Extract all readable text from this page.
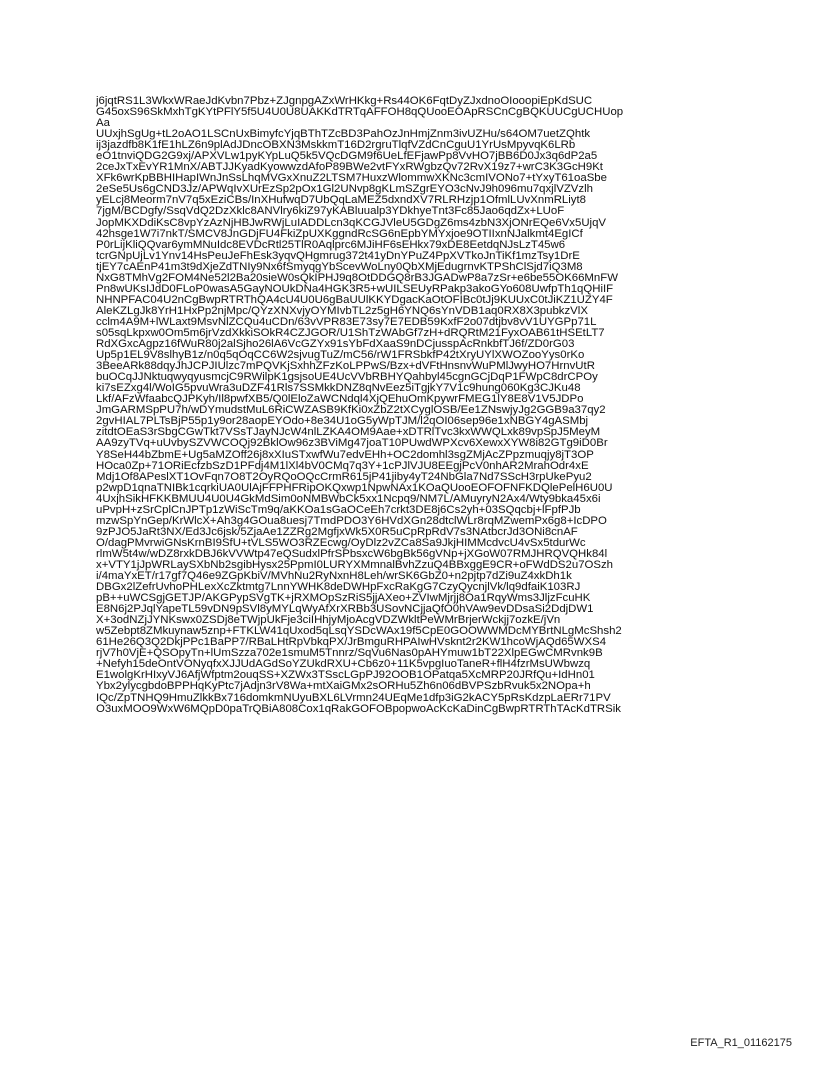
j6jqtRS1L3WkxWRaeJdKvbn7Pbz+ZJgnpgAZxWrHKkg+Rs44OK6FqtDyZJxdnoOIooopiEpKdSUC
G45oxS96SkMxhTgKYtPFlY5f5U4U0U8UAKKdTRTqAFFOH8qQUooEOApRSCnCgBQKUUCgUCHUop
Aa
UUxjhSgUg+tL2oAO1LSCnUxBimyfcYjqBThTZcBD3PahOzJnHmjZnm3ivUZHu/s64OM7uetZQhtk
ij3jazdfb8K1fE1hLZ6n9plAdJDncOBXN3MskkmT16D2rgruTlqfVZdCnCguU1YrUsMpyvqK6LRb
eO1tnviQDG2G9xj/APXVLw1pyKYpLuQ5k5VQcDGM9f6UeLfEFjawPp8VvHO7jBB6D0Jx3q6dP2a5
2ceJxTxEvYR1MnX/ABTJJKyadKyowwzdAfoP89BWe2vtFYxRWgbzQv72RvX19z7+wrC3K3GcH9Kt
XFk6wrKpBBHIHapIWnJnSsLhqMVGxXnuZ2LTSM7HuxzWlommwXKNc3cmIVONo7+tYxyT61oaSbe
2eSe5Us6gCND3Jz/APWqIvXUrEzSp2pOx1Gl2UNvp8gKLmSZgrEYO3cNvJ9h096mu7qxjlVZVzlh
yELcj8Meorm7nV7q5xEziCBs/InXHufwqD7UbQqLaMEZ5dxndXV7RLRHzjp1OfmlLUvXnmRLiyt8
7jgM/BCDgfy/SsqVdQ2DzXklc8ANVlry6kiZ97yKABluualp3YDkhyeTnt3Fc85Jao6qdZx+LUoF
JopMKXDdiKsC8vpYzAzNjHBJwRWjLuIADDLcn3qKCGJVleU5GDgZ6ms4zbN3XjONrEQe6Vx5UjqV
42hsge1W7i7nkT/SMCV8JnGDjFU4FkiZpUXKggndRcSG6nEpbYMYxjoe9OTIIxnNJalkmt4EgICf
P0rLijKliQQvar6ymMNuIdc8EVDcRtl25TlR0Aqlprc6MJiHF6sEHkx79xDE8EetdqNJsLzT45w6
tcrGNpUjLv1Ynv14HsPeuJeFhEsk3yqvQHgmrug372t41yDnYPuZ4PpXVTkoJnTiKf1mzTsy1DrE
tjEY7cAEnP41m3t9dXjeZdTNIy9Nx6fSmyqgYbScevWoLny0QbXMjEdugrnvKTPShClSjd7iQ3M8
NxG8TMhVg2FOM4Ne52l2Ba20sieW0sQkIPHJ9q8OtDDGQ8rB3JGADwP8a7zSr+e6be55OK66MnFW
Pn8wUKsIJdD0FLoP0wasA5GayNOUkDNa4HGK3R5+wUILSEUyRPakp3akoGYo608UwfpTh1qQHiIF
NHNPFAC04U2nCgBwpRTRThQA4cU4U0U6gBaUUlKKYDgacKaOtOFIBc0tJj9KUUxC0tJiKZ1UZY4F
AleKZLgJk8YrH1HxPp2njMpc/QYzXNXvjyOYMIvbTL2z5gH6YNQ6sYnVDB1aq0RX8X3pubkzVlX
cclm4A9M+lWLaxt9MsvNlZCQu4uCDn/63vVPR83E73sy7E7EDB59KxfF2o07dtjbv8vV1UYGPp71L
s05sqLkpxw0Om5m6jrVzdXkkiSOkR4CZJGOR/U1ShTzWAbGf7zH+dRQRtM21FyxOAB61tHSEtLT7
RdXGxcAgpz16fWuR80j2alSjho26lA6VcGZYx91sYbFdXaaS9nDCjusspAcRnkbfTJ6f/ZD0rG03
Up5p1EL9V8slhyB1z/n0q5qOqCC6W2sjvugTuZ/mC56/rW1FRSbkfP42tXryUYlXWOZooYys0rKo
3BeeARk88dqyJhJCPJIUlzc7mPQVKjSxhhZFzKoLPPwS/Bzx+dVFtHnsnvWuPMlJwyHO7HrnvUtR
buOCqJJNktuqwyqyusmcjC9RWilpK1gsjsoUE4UcVVbRBHYQahbyl45cgnGCjDqP1FWpC8drCPOy
ki7sEZxg4l/WoIG5pvuWra3uDZF41Rls7SSMkkDNZ8qNvEez5iTgjkY7V1c9hung060Kg3CJKu48
Lkf/AFzWfaabcQJPKyh/Il8pwfXB5/Q0lEloZaWCNdql4XjQEhuOmKpywrFMEG1lY8E8V1V5JDPo
JmGARMSpPU7h/wDYmudstMuL6RiCWZASB9KfKi0xZbZ2tXCyglOSB/Ee1ZNswjyJg2GGB9a37qy2
2gvHIAL7PLTsBjP55p1y9or28aopEYOdo+8e34U1oG5yWpTJM/l2qOI06sep96e1xNBGY4gASMbj
zitdtOEaS3rSbgCGwTkt7VSsTJayNJcW4nlLZKA4OM9Aae+xDTRlTvc3kxWWQLxk89vpSpJ5MeyM
AA9zyTVq+uUvbySZVWCOQj92BklOw96z3BViMg47joaT10PUwdWPXcv6XewxXYW8i82GTg9iD0Br
Y8SeH44bZbmE+Ug5aMZOff26j8xXIuSTxwfWu7edvEHh+OC2domhl3sgZMjAcZPpzmuqjy8jT3OP
HOca0Zp+71ORiEcfzbSzD1PFdj4M1lXl4bV0CMq7q3Y+1cPJlVJU8EEgjPcV0nhAR2MrahOdr4xE
Mdj1Of8APeslXT1OvFqn7O8T2OyRQoOQcCrmR615jP41jiby4yT24NbGla7Nd7SScH3rpUkePyu2
p2wpD1qnaTNIBk1cqrkiUA0UlAjFFPHFRipOKQxwp1NpwNAx1KOaQUooEOFOFNFKDQlePelH6U0U
4UxjhSikHFKKBMUU4U0U4GkMdSim0oNMBWbCk5xx1Ncpq9/NM7L/AMuyryN2Ax4/Wty9bka45x6i
uPvpH+zSrCplCnJPTp1zWiScTm9q/aKKOa1sGaOCeEh7crkt3DE8j6Cs2yh+03SQqcbj+lFpfPJb
mzwSpYnGep/KrWlcX+Ah3g4GOua8uesj7TmdPDO3Y6HVdXGn28dtclWLr8rqMZwemPx6g8+IcDPO
9zPJO5JaRt3NX/Ed3Jc6jsk/5ZjaAe1ZZRg2MgfjxWk5X0R5uCpRpRdV7s3NAtbcrJd3ONi8cnAF
O/dagPMvrwiGNsKrnBI9SfU+tVLS5WO3RZEcwg/OyDlz2vZCa8Sa9JkjHIMMcdvcU4vSx5tdurWc
rlmW5t4w/wDZ8rxkDBJ6kVVWtp47eQSudxlPfrSPbsxcW6bgBk56gVNp+jXGoW07RMJHRQVQHk84l
x+VTY1jJpWRLaySXbNb2sgibHysx25PpmI0LURYXMmnalBvhZzuQ4BBxggE9CR+oFWdDS2u7OSzh
i/4maYxET/r17gf7Q46e9ZGpKbiV/MVhNu2RyNxnH8Leh/wrSK6GbZ0+n2pjtp7dZi9uZ4xkDh1k
DBGx2lZefrUvhoPHLexXcZktmtg7LnnYWHK8deDWHpFxcRaKgG7CzyQycnjlVk/lq9dfaiK103RJ
pB++uWCSgjGETJP/AKGPypSVgTK+jRXMOpSzRiS5jjAXeo+ZVIwMjrjj8Oa1RqyWms3JljzFcuHK
E8N6j2PJqlYapeTL59vDN9pSVl8yMYLqWyAfXrXRBb3USovNCjjaQfO0hVAw9evDDsaSi2DdjDW1
X+3odNZjJYNKswx0ZSDj8eTWjpUkFje3ciIHhjyMjoAcgVDZWkltPeWMrBrjerWckjj7ozkE/jVn
w5Zebpt8ZMkuynaw5znp+FTKLW41qUxod5qLsqYSDcWAx19f5CpE0GOOWWMDcMYBrtNLgMcShsh2
61He26Q3Q2DkjPPc1BaPP7/RBaLHtRpVbkqPX/JrBmguRHPAIwHVsknt2r2KW1hcoWjAQd65WXS4
rjV7h0VjE+QSOpyTn+lUmSzza702e1smuM5Tnnrz/SqVu6Nas0pAHYmuw1bT22XlpEGwCMRvnk9B
+Nefyh15deOntVONyqfxXJJUdAGdSoYZUkdRXU+Cb6z0+11K5vpgIuoTaneR+flH4fzrMsUWbwzq
E1wolgKrHIxyVJ6AfjWfptm2ouqSS+XZWx3TSscLGpPJ92OOB1OPatqa5XcMRP20JRfQu+IdHn01
Ybx2ylycgbdoBPPHqKyPtc7jAdjn3rV8Wa+mtXaiGMx2sORHu5Zh6n06dBVPSzbRvuk5x2NOpa+h
IQc/ZpTNHQ9HmuZlkkBx716domkmNUyuBXL6LVrmn24UEqMe1dfp3iG2kACY5pRsKdzpLaERr71PV
O3uxMOO9WxW6MQpD0paTrQBiA808Cox1qRakGOFOBpopwoAcKcKaDinCgBwpRTRThTAcKdTRSik
EFTA_R1_01162175
